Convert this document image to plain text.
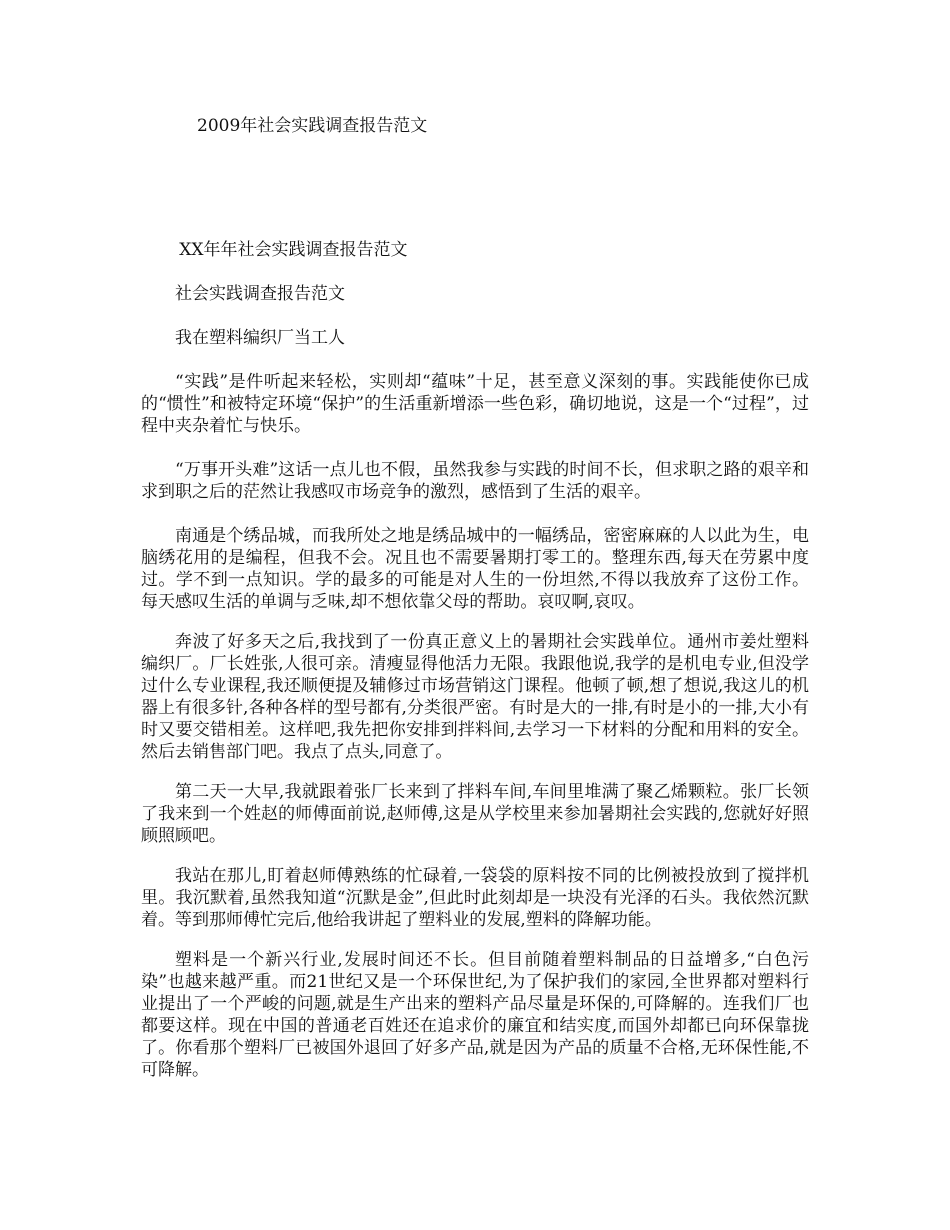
2009年社会实践调查报告范文

XX年年社会实践调查报告范文

社会实践调查报告范文

我在塑料编织厂当工人

“实践”是件听起来轻松，实则却“蕴味”十足，甚至意义深刻的事。实践能使你已成的“惯性”和被特定环境“保护”的生活重新增添一些色彩，确切地说，这是一个“过程”，过程中夹杂着忙与快乐。

“万事开头难”这话一点儿也不假，虽然我参与实践的时间不长，但求职之路的艰辛和求到职之后的茫然让我感叹市场竞争的激烈，感悟到了生活的艰辛。

南通是个绣品城，而我所处之地是绣品城中的一幅绣品，密密麻麻的人以此为生，电脑绣花用的是编程，但我不会。况且也不需要暑期打零工的。整理东西,每天在劳累中度过。学不到一点知识。学的最多的可能是对人生的一份坦然,不得以我放弃了这份工作。每天感叹生活的单调与乏味,却不想依靠父母的帮助。哀叹啊,哀叹。

奔波了好多天之后,我找到了一份真正意义上的暑期社会实践单位。通州市姜灶塑料编织厂。厂长姓张,人很可亲。清瘦显得他活力无限。我跟他说,我学的是机电专业,但没学过什么专业课程,我还顺便提及辅修过市场营销这门课程。他顿了顿,想了想说,我这儿的机器上有很多针,各种各样的型号都有,分类很严密。有时是大的一排,有时是小的一排,大小有时又要交错相差。这样吧,我先把你安排到拌料间,去学习一下材料的分配和用料的安全。然后去销售部门吧。我点了点头,同意了。

第二天一大早,我就跟着张厂长来到了拌料车间,车间里堆满了聚乙烯颗粒。张厂长领了我来到一个姓赵的师傅面前说,赵师傅,这是从学校里来参加暑期社会实践的,您就好好照顾照顾吧。

我站在那儿,盯着赵师傅熟练的忙碌着,一袋袋的原料按不同的比例被投放到了搅拌机里。我沉默着,虽然我知道“沉默是金”,但此时此刻却是一块没有光泽的石头。我依然沉默着。等到那师傅忙完后,他给我讲起了塑料业的发展,塑料的降解功能。

塑料是一个新兴行业,发展时间还不长。但目前随着塑料制品的日益增多,“白色污染”也越来越严重。而21世纪又是一个环保世纪,为了保护我们的家园,全世界都对塑料行业提出了一个严峻的问题,就是生产出来的塑料产品尽量是环保的,可降解的。连我们厂也都要这样。现在中国的普通老百姓还在追求价的廉宜和结实度,而国外却都已向环保靠拢了。你看那个塑料厂已被国外退回了好多产品,就是因为产品的质量不合格,无环保性能,不可降解。
